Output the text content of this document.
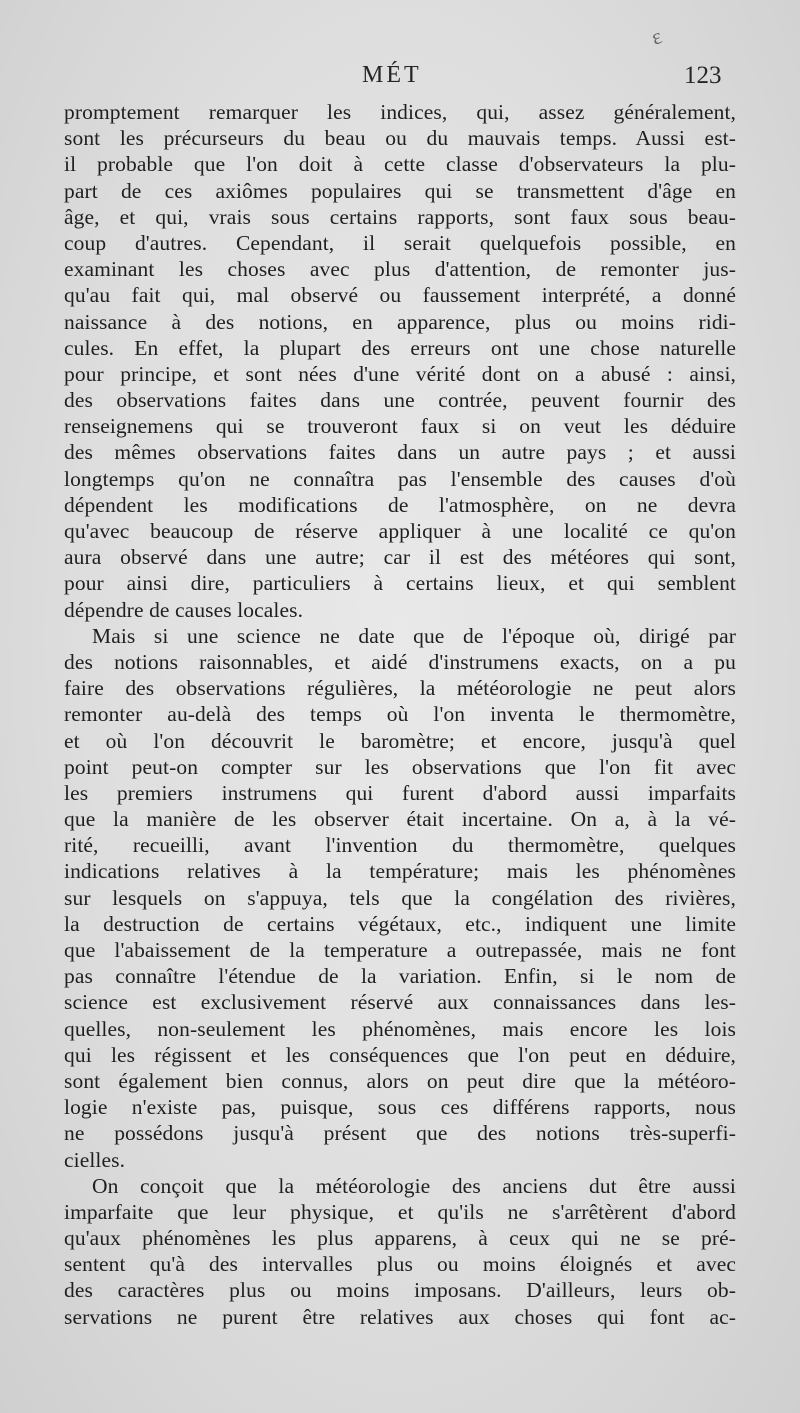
ɛ
MÉT	123
promptement remarquer les indices, qui, assez généralement,
sont les précurseurs du beau ou du mauvais temps. Aussi est-
il probable que l'on doit à cette classe d'observateurs la plu-
part de ces axiômes populaires qui se transmettent d'âge en
âge, et qui, vrais sous certains rapports, sont faux sous beau-
coup d'autres. Cependant, il serait quelquefois possible, en
examinant les choses avec plus d'attention, de remonter jus-
qu'au fait qui, mal observé ou faussement interprété, a donné
naissance à des notions, en apparence, plus ou moins ridi-
cules. En effet, la plupart des erreurs ont une chose naturelle
pour principe, et sont nées d'une vérité dont on a abusé : ainsi,
des observations faites dans une contrée, peuvent fournir des
renseignemens qui se trouveront faux si on veut les déduire
des mêmes observations faites dans un autre pays ; et aussi
longtemps qu'on ne connaîtra pas l'ensemble des causes d'où
dépendent les modifications de l'atmosphère, on ne devra
qu'avec beaucoup de réserve appliquer à une localité ce qu'on
aura observé dans une autre; car il est des météores qui sont,
pour ainsi dire, particuliers à certains lieux, et qui semblent
dépendre de causes locales.
Mais si une science ne date que de l'époque où, dirigé par
des notions raisonnables, et aidé d'instrumens exacts, on a pu
faire des observations régulières, la météorologie ne peut alors
remonter au-delà des temps où l'on inventa le thermomètre,
et où l'on découvrit le baromètre; et encore, jusqu'à quel
point peut-on compter sur les observations que l'on fit avec
les premiers instrumens qui furent d'abord aussi imparfaits
que la manière de les observer était incertaine. On a, à la vé-
rité, recueilli, avant l'invention du thermomètre, quelques
indications relatives à la température; mais les phénomènes
sur lesquels on s'appuya, tels que la congélation des rivières,
la destruction de certains végétaux, etc., indiquent une limite
que l'abaissement de la temperature a outrepassée, mais ne font
pas connaître l'étendue de la variation. Enfin, si le nom de
science est exclusivement réservé aux connaissances dans les-
quelles, non-seulement les phénomènes, mais encore les lois
qui les régissent et les conséquences que l'on peut en déduire,
sont également bien connus, alors on peut dire que la météoro-
logie n'existe pas, puisque, sous ces différens rapports, nous
ne possédons jusqu'à présent que des notions très-superfi-
cielles.
On conçoit que la météorologie des anciens dut être aussi
imparfaite que leur physique, et qu'ils ne s'arrêtèrent d'abord
qu'aux phénomènes les plus apparens, à ceux qui ne se pré-
sentent qu'à des intervalles plus ou moins éloignés et avec
des caractères plus ou moins imposans. D'ailleurs, leurs ob-
servations ne purent être relatives aux choses qui font ac-
